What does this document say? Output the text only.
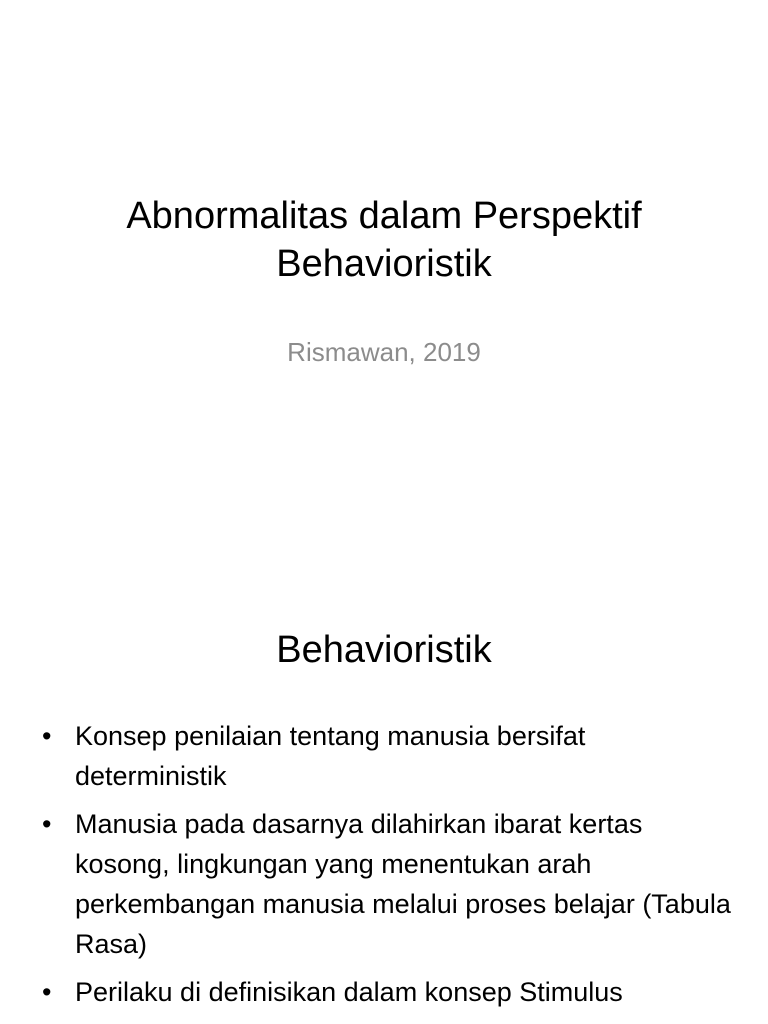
Abnormalitas dalam Perspektif Behavioristik

Rismawan, 2019

Behavioristik
• Konsep penilaian tentang manusia bersifat deterministik
• Manusia pada dasarnya dilahirkan ibarat kertas kosong, lingkungan yang menentukan arah perkembangan manusia melalui proses belajar (Tabula Rasa)
• Perilaku di definisikan dalam konsep Stimulus
